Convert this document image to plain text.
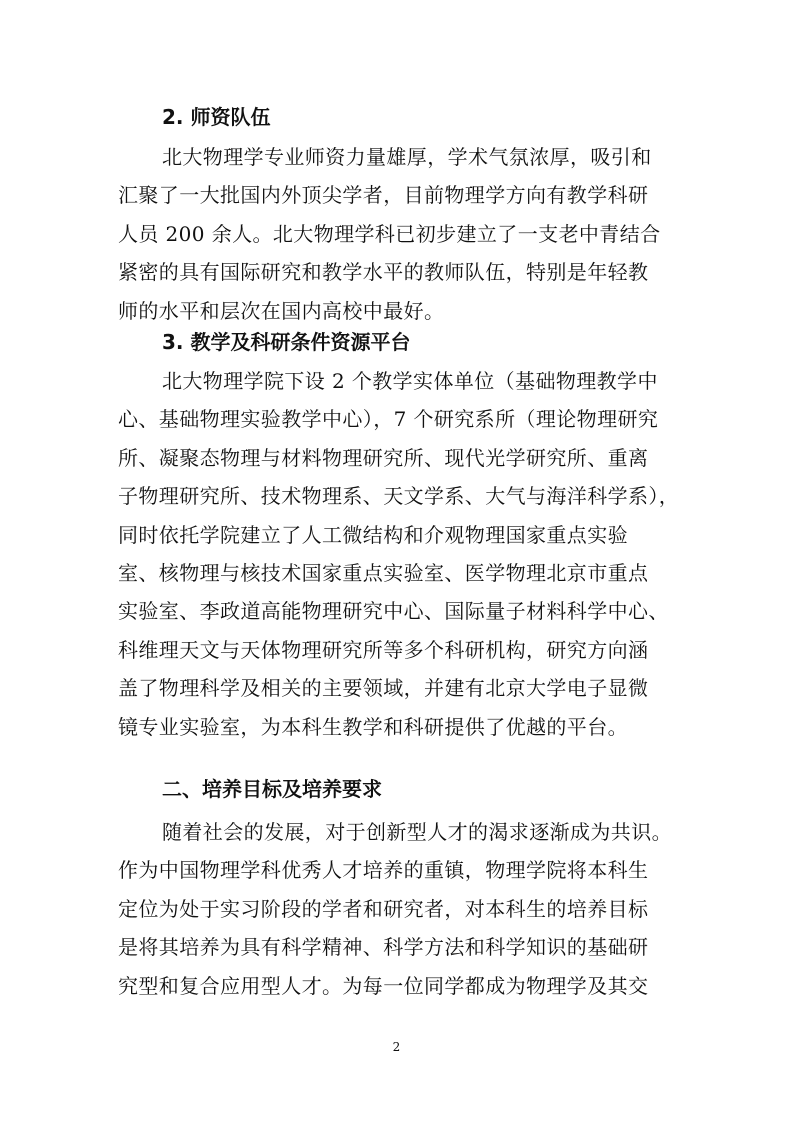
2. 师资队伍

北大物理学专业师资力量雄厚，学术气氛浓厚，吸引和
汇聚了一大批国内外顶尖学者，目前物理学方向有教学科研
人员 200 余人。北大物理学科已初步建立了一支老中青结合
紧密的具有国际研究和教学水平的教师队伍，特别是年轻教
师的水平和层次在国内高校中最好。

3. 教学及科研条件资源平台

北大物理学院下设 2 个教学实体单位（基础物理教学中
心、基础物理实验教学中心），7 个研究系所（理论物理研究
所、凝聚态物理与材料物理研究所、现代光学研究所、重离
子物理研究所、技术物理系、天文学系、大气与海洋科学系），
同时依托学院建立了人工微结构和介观物理国家重点实验
室、核物理与核技术国家重点实验室、医学物理北京市重点
实验室、李政道高能物理研究中心、国际量子材料科学中心、
科维理天文与天体物理研究所等多个科研机构，研究方向涵
盖了物理科学及相关的主要领域，并建有北京大学电子显微
镜专业实验室，为本科生教学和科研提供了优越的平台。

二、培养目标及培养要求

随着社会的发展，对于创新型人才的渴求逐渐成为共识。
作为中国物理学科优秀人才培养的重镇，物理学院将本科生
定位为处于实习阶段的学者和研究者，对本科生的培养目标
是将其培养为具有科学精神、科学方法和科学知识的基础研
究型和复合应用型人才。为每一位同学都成为物理学及其交

2
